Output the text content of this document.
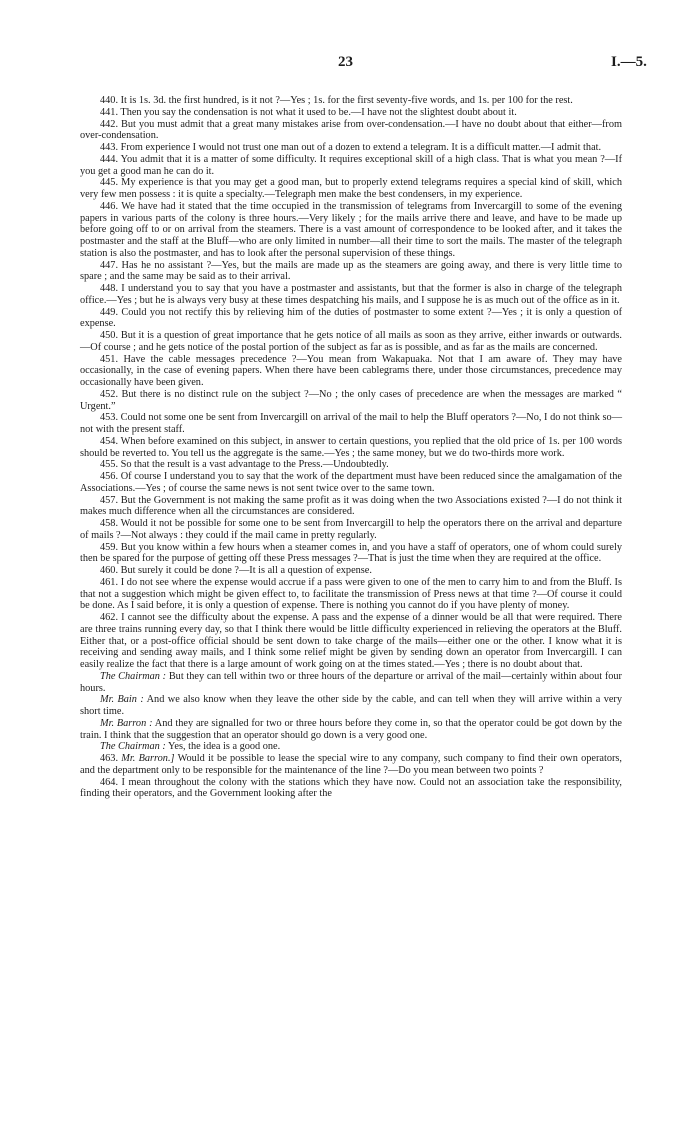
23	I.—5.

440. It is 1s. 3d. the first hundred, is it not ?—Yes ; 1s. for the first seventy-five words, and 1s. per 100 for the rest.

441. Then you say the condensation is not what it used to be.—I have not the slightest doubt about it.

442. But you must admit that a great many mistakes arise from over-condensation.—I have no doubt about that either—from over-condensation.

443. From experience I would not trust one man out of a dozen to extend a telegram. It is a difficult matter.—I admit that.

444. You admit that it is a matter of some difficulty. It requires exceptional skill of a high class. That is what you mean ?—If you get a good man he can do it.

445. My experience is that you may get a good man, but to properly extend telegrams requires a special kind of skill, which very few men possess : it is quite a specialty.—Telegraph men make the best condensers, in my experience.

446. We have had it stated that the time occupied in the transmission of telegrams from Invercargill to some of the evening papers in various parts of the colony is three hours.—Very likely ; for the mails arrive there and leave, and have to be made up before going off to or on arrival from the steamers. There is a vast amount of correspondence to be looked after, and it takes the postmaster and the staff at the Bluff—who are only limited in number—all their time to sort the mails. The master of the telegraph station is also the postmaster, and has to look after the personal supervision of these things.

447. Has he no assistant ?—Yes, but the mails are made up as the steamers are going away, and there is very little time to spare ; and the same may be said as to their arrival.

448. I understand you to say that you have a postmaster and assistants, but that the former is also in charge of the telegraph office.—Yes ; but he is always very busy at these times despatching his mails, and I suppose he is as much out of the office as in it.

449. Could you not rectify this by relieving him of the duties of postmaster to some extent ?—Yes ; it is only a question of expense.

450. But it is a question of great importance that he gets notice of all mails as soon as they arrive, either inwards or outwards.—Of course ; and he gets notice of the postal portion of the subject as far as is possible, and as far as the mails are concerned.

451. Have the cable messages precedence ?—You mean from Wakapuaka. Not that I am aware of. They may have occasionally, in the case of evening papers. When there have been cablegrams there, under those circumstances, precedence may occasionally have been given.

452. But there is no distinct rule on the subject ?—No ; the only cases of precedence are when the messages are marked “ Urgent.”

453. Could not some one be sent from Invercargill on arrival of the mail to help the Bluff operators ?—No, I do not think so—not with the present staff.

454. When before examined on this subject, in answer to certain questions, you replied that the old price of 1s. per 100 words should be reverted to. You tell us the aggregate is the same.—Yes ; the same money, but we do two-thirds more work.

455. So that the result is a vast advantage to the Press.—Undoubtedly.

456. Of course I understand you to say that the work of the department must have been reduced since the amalgamation of the Associations.—Yes ; of course the same news is not sent twice over to the same town.

457. But the Government is not making the same profit as it was doing when the two Associations existed ?—I do not think it makes much difference when all the circumstances are considered.

458. Would it not be possible for some one to be sent from Invercargill to help the operators there on the arrival and departure of mails ?—Not always : they could if the mail came in pretty regularly.

459. But you know within a few hours when a steamer comes in, and you have a staff of operators, one of whom could surely then be spared for the purpose of getting off these Press messages ?—That is just the time when they are required at the office.

460. But surely it could be done ?—It is all a question of expense.

461. I do not see where the expense would accrue if a pass were given to one of the men to carry him to and from the Bluff. Is that not a suggestion which might be given effect to, to facilitate the transmission of Press news at that time ?—Of course it could be done. As I said before, it is only a question of expense. There is nothing you cannot do if you have plenty of money.

462. I cannot see the difficulty about the expense. A pass and the expense of a dinner would be all that were required. There are three trains running every day, so that I think there would be little difficulty experienced in relieving the operators at the Bluff. Either that, or a post-office official should be sent down to take charge of the mails—either one or the other. I know what it is receiving and sending away mails, and I think some relief might be given by sending down an operator from Invercargill. I can easily realize the fact that there is a large amount of work going on at the times stated.—Yes ; there is no doubt about that.

The Chairman : But they can tell within two or three hours of the departure or arrival of the mail—certainly within about four hours.

Mr. Bain : And we also know when they leave the other side by the cable, and can tell when they will arrive within a very short time.

Mr. Barron : And they are signalled for two or three hours before they come in, so that the operator could be got down by the train. I think that the suggestion that an operator should go down is a very good one.

The Chairman : Yes, the idea is a good one.

463. Mr. Barron.] Would it be possible to lease the special wire to any company, such company to find their own operators, and the department only to be responsible for the maintenance of the line ?—Do you mean between two points ?

464. I mean throughout the colony with the stations which they have now. Could not an association take the responsibility, finding their operators, and the Government looking after the
